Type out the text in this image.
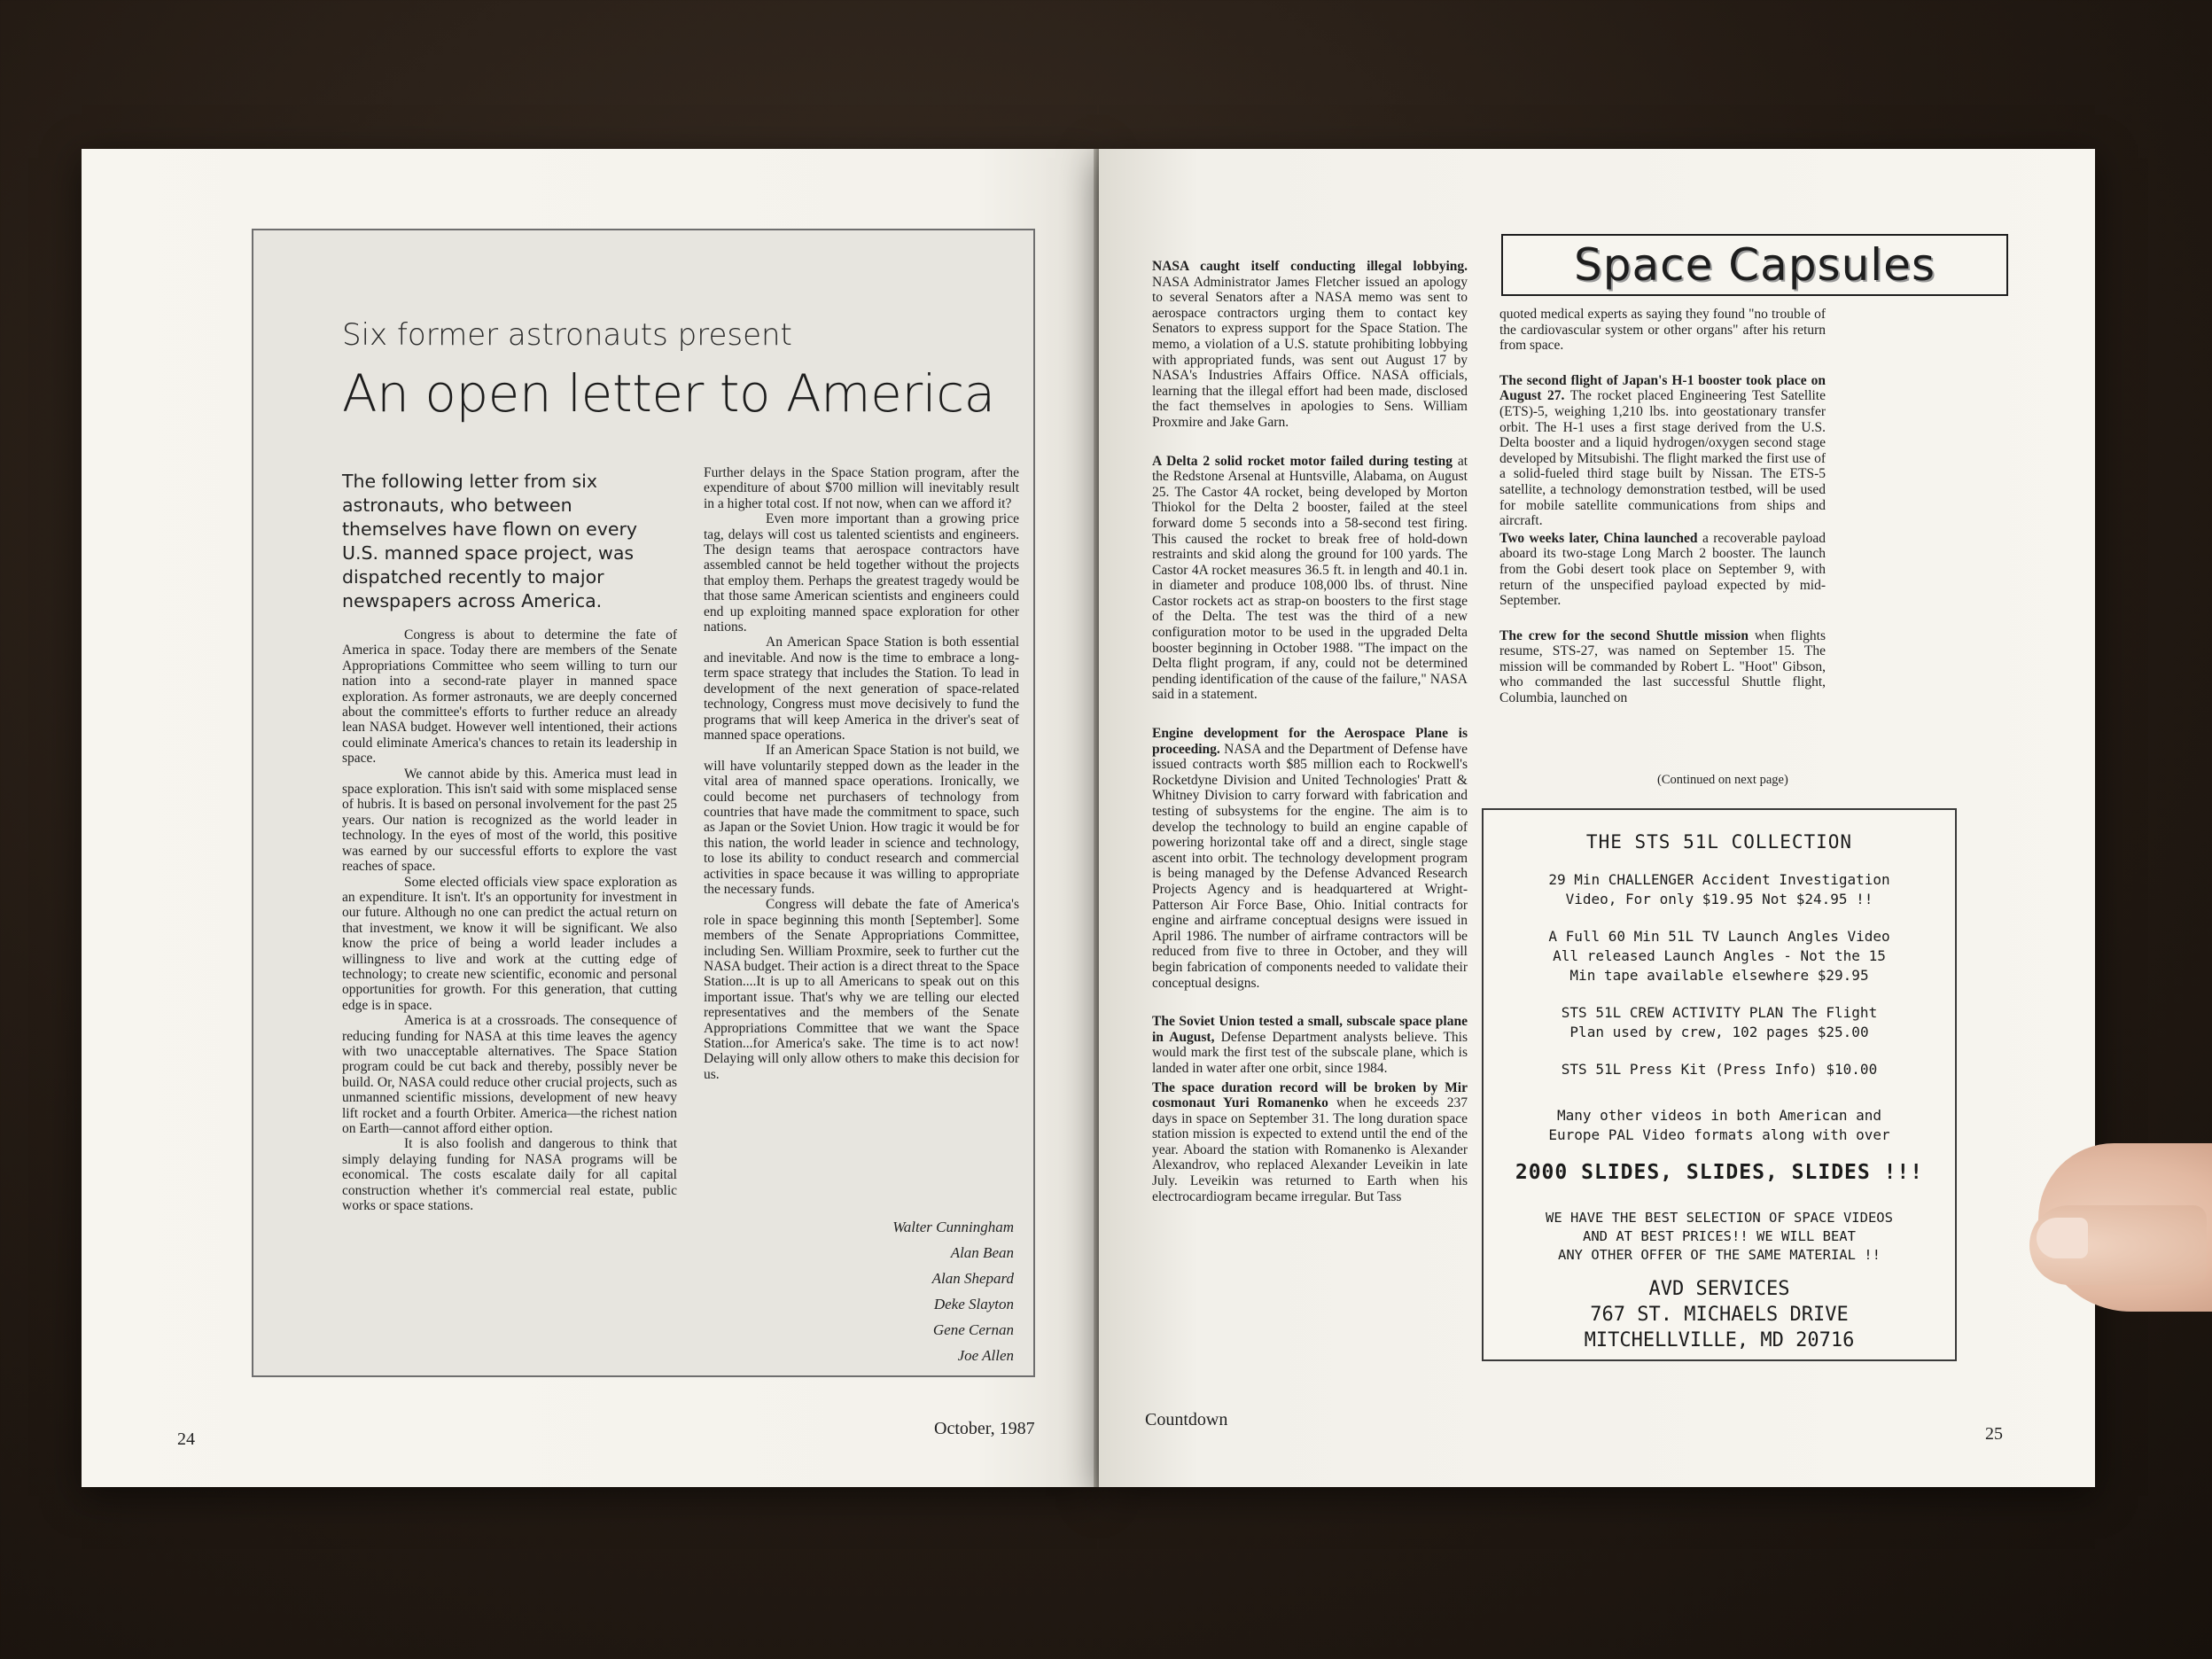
Six former astronauts present
An open letter to America
The following letter from six astronauts, who between themselves have flown on every U.S. manned space project, was dispatched recently to major newspapers across America.

Congress is about to determine the fate of America in space. Today there are members of the Senate Appropriations Committee who seem willing to turn our nation into a second-rate player in manned space exploration. As former astronauts, we are deeply concerned about the committee's efforts to further reduce an already lean NASA budget. However well intentioned, their actions could eliminate America's chances to retain its leadership in space.

We cannot abide by this. America must lead in space exploration. This isn't said with some misplaced sense of hubris. It is based on personal involvement for the past 25 years. Our nation is recognized as the world leader in technology. In the eyes of most of the world, this positive was earned by our successful efforts to explore the vast reaches of space.

Some elected officials view space exploration as an expenditure. It isn't. It's an opportunity for investment in our future. Although no one can predict the actual return on that investment, we know it will be significant. We also know the price of being a world leader includes a willingness to live and work at the cutting edge of technology; to create new scientific, economic and personal opportunities for growth. For this generation, that cutting edge is in space.

America is at a crossroads. The consequence of reducing funding for NASA at this time leaves the agency with two unacceptable alternatives. The Space Station program could be cut back and thereby, possibly never be build. Or, NASA could reduce other crucial projects, such as unmanned scientific missions, development of new heavy lift rocket and a fourth Orbiter. America—the richest nation on Earth—cannot afford either option.

It is also foolish and dangerous to think that simply delaying funding for NASA programs will be economical. The costs escalate daily for all capital construction whether it's commercial real estate, public works or space stations.

Further delays in the Space Station program, after the expenditure of about $700 million will inevitably result in a higher total cost. If not now, when can we afford it?

Even more important than a growing price tag, delays will cost us talented scientists and engineers. The design teams that aerospace contractors have assembled cannot be held together without the projects that employ them. Perhaps the greatest tragedy would be that those same American scientists and engineers could end up exploiting manned space exploration for other nations.

An American Space Station is both essential and inevitable. And now is the time to embrace a long-term space strategy that includes the Station. To lead in development of the next generation of space-related technology, Congress must move decisively to fund the programs that will keep America in the driver's seat of manned space operations.

If an American Space Station is not build, we will have voluntarily stepped down as the leader in the vital area of manned space operations. Ironically, we could become net purchasers of technology from countries that have made the commitment to space, such as Japan or the Soviet Union. How tragic it would be for this nation, the world leader in science and technology, to lose its ability to conduct research and commercial activities in space because it was willing to appropriate the necessary funds.

Congress will debate the fate of America's role in space beginning this month [September]. Some members of the Senate Appropriations Committee, including Sen. William Proxmire, seek to further cut the NASA budget. Their action is a direct threat to the Space Station....It is up to all Americans to speak out on this important issue. That's why we are telling our elected representatives and the members of the Senate Appropriations Committee that we want the Space Station...for America's sake. The time is to act now! Delaying will only allow others to make this decision for us.

Walter Cunningham
Alan Bean
Alan Shepard
Deke Slayton
Gene Cernan
Joe Allen
24
October, 1987

NASA caught itself conducting illegal lobbying. NASA Administrator James Fletcher issued an apology to several Senators after a NASA memo was sent to aerospace contractors urging them to contact key Senators to express support for the Space Station. The memo, a violation of a U.S. statute prohibiting lobbying with appropriated funds, was sent out August 17 by NASA's Industries Affairs Office. NASA officials, learning that the illegal effort had been made, disclosed the fact themselves in apologies to Sens. William Proxmire and Jake Garn.

A Delta 2 solid rocket motor failed during testing at the Redstone Arsenal at Huntsville, Alabama, on August 25. The Castor 4A rocket, being developed by Morton Thiokol for the Delta 2 booster, failed at the steel forward dome 5 seconds into a 58-second test firing. This caused the rocket to break free of hold-down restraints and skid along the ground for 100 yards. The Castor 4A rocket measures 36.5 ft. in length and 40.1 in. in diameter and produce 108,000 lbs. of thrust. Nine Castor rockets act as strap-on boosters to the first stage of the Delta. The test was the third of a new configuration motor to be used in the upgraded Delta booster beginning in October 1988. "The impact on the Delta flight program, if any, could not be determined pending identification of the cause of the failure," NASA said in a statement.

Engine development for the Aerospace Plane is proceeding. NASA and the Department of Defense have issued contracts worth $85 million each to Rockwell's Rocketdyne Division and United Technologies' Pratt & Whitney Division to carry forward with fabrication and testing of subsystems for the engine. The aim is to develop the technology to build an engine capable of powering horizontal take off and a direct, single stage ascent into orbit. The technology development program is being managed by the Defense Advanced Research Projects Agency and is headquartered at Wright-Patterson Air Force Base, Ohio. Initial contracts for engine and airframe conceptual designs were issued in April 1986. The number of airframe contractors will be reduced from five to three in October, and they will begin fabrication of components needed to validate their conceptual designs.

The Soviet Union tested a small, subscale space plane in August, Defense Department analysts believe. This would mark the first test of the subscale plane, which is landed in water after one orbit, since 1984.

The space duration record will be broken by Mir cosmonaut Yuri Romanenko when he exceeds 237 days in space on September 31. The long duration space station mission is expected to extend until the end of the year. Aboard the station with Romanenko is Alexander Alexandrov, who replaced Alexander Leveikin in late July. Leveikin was returned to Earth when his electrocardiogram became irregular. But Tass

Space Capsules

quoted medical experts as saying they found "no trouble of the cardiovascular system or other organs" after his return from space.

The second flight of Japan's H-1 booster took place on August 27. The rocket placed Engineering Test Satellite (ETS)-5, weighing 1,210 lbs. into geostationary transfer orbit. The H-1 uses a first stage derived from the U.S. Delta booster and a liquid hydrogen/oxygen second stage developed by Mitsubishi. The flight marked the first use of a solid-fueled third stage built by Nissan. The ETS-5 satellite, a technology demonstration testbed, will be used for mobile satellite communications from ships and aircraft.

Two weeks later, China launched a recoverable payload aboard its two-stage Long March 2 booster. The launch from the Gobi desert took place on September 9, with return of the unspecified payload expected by mid-September.

The crew for the second Shuttle mission when flights resume, STS-27, was named on September 15. The mission will be commanded by Robert L. "Hoot" Gibson, who commanded the last successful Shuttle flight, Columbia, launched on

(Continued on next page)
THE STS 51L COLLECTION
29 Min CHALLENGER Accident Investigation
Video, For only $19.95 Not $24.95 !!
A Full 60 Min 51L TV Launch Angles Video
All released Launch Angles - Not the 15
Min tape available elsewhere $29.95
STS 51L CREW ACTIVITY PLAN The Flight
Plan used by crew, 102 pages $25.00
STS 51L Press Kit (Press Info) $10.00
Many other videos in both American and
Europe PAL Video formats along with over
2000 SLIDES, SLIDES, SLIDES !!!
WE HAVE THE BEST SELECTION OF SPACE VIDEOS
AND AT BEST PRICES!! WE WILL BEAT
ANY OTHER OFFER OF THE SAME MATERIAL !!
AVD SERVICES
767 ST. MICHAELS DRIVE
MITCHELLVILLE, MD 20716
Countdown
25
